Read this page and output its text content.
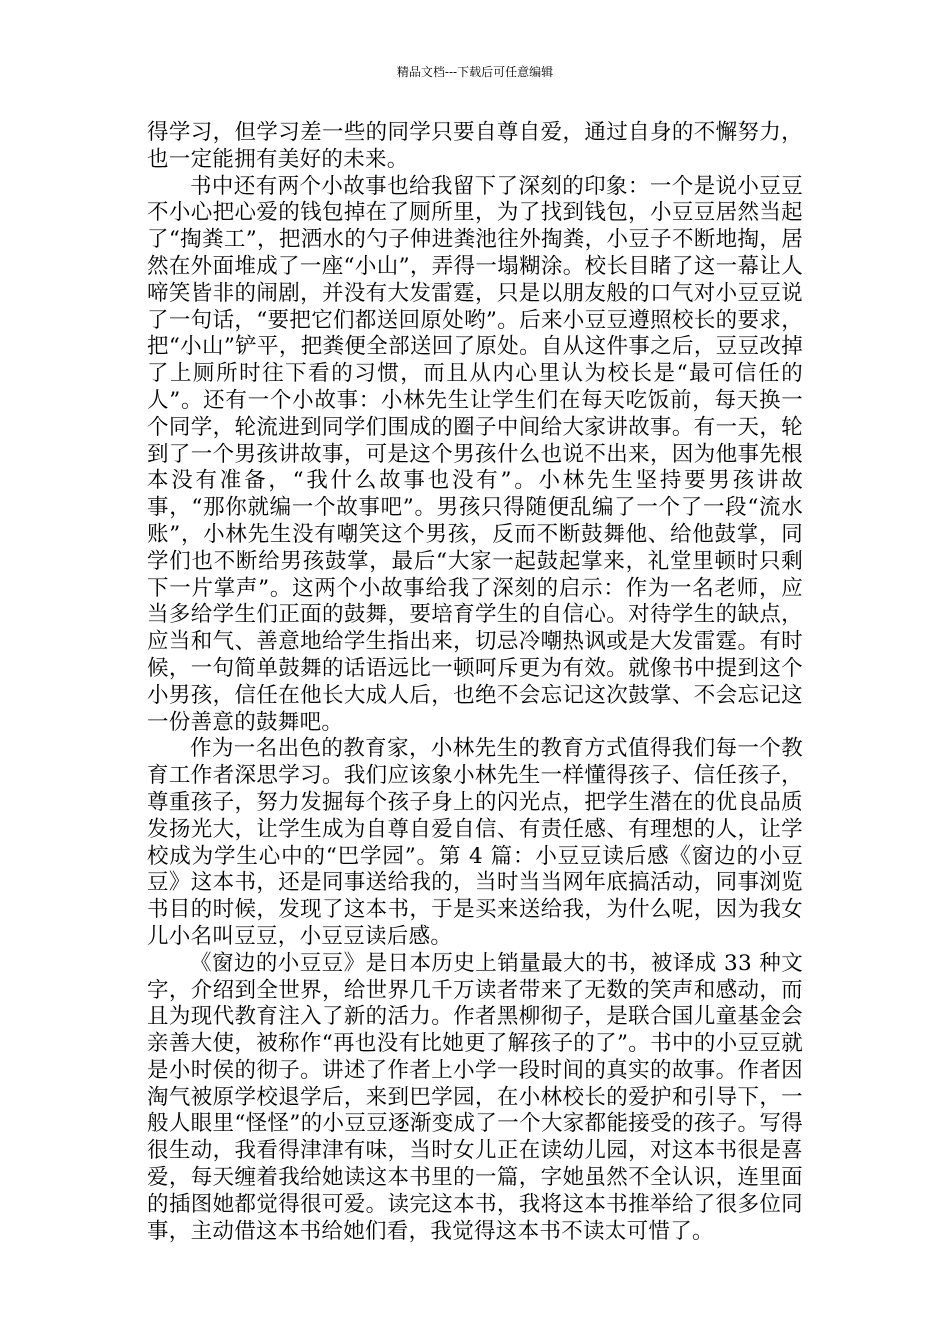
精品文档---下载后可任意编辑

得学习，但学习差一些的同学只要自尊自爱，通过自身的不懈努力，也一定能拥有美好的未来。

书中还有两个小故事也给我留下了深刻的印象：一个是说小豆豆不小心把心爱的钱包掉在了厕所里，为了找到钱包，小豆豆居然当起了“掏粪工”，把洒水的勺子伸进粪池往外掏粪，小豆子不断地掏，居然在外面堆成了一座“小山”，弄得一塌糊涂。校长目睹了这一幕让人啼笑皆非的闹剧，并没有大发雷霆，只是以朋友般的口气对小豆豆说了一句话，“要把它们都送回原处哟”。后来小豆豆遵照校长的要求，把“小山”铲平，把粪便全部送回了原处。自从这件事之后，豆豆改掉了上厕所时往下看的习惯，而且从内心里认为校长是“最可信任的人”。还有一个小故事：小林先生让学生们在每天吃饭前，每天换一个同学，轮流进到同学们围成的圈子中间给大家讲故事。有一天，轮到了一个男孩讲故事，可是这个男孩什么也说不出来，因为他事先根本没有准备，“我什么故事也没有”。小林先生坚持要男孩讲故事，“那你就编一个故事吧”。男孩只得随便乱编了一个了一段“流水账”，小林先生没有嘲笑这个男孩，反而不断鼓舞他、给他鼓掌，同学们也不断给男孩鼓掌，最后“大家一起鼓起掌来，礼堂里顿时只剩下一片掌声”。这两个小故事给我了深刻的启示：作为一名老师，应当多给学生们正面的鼓舞，要培育学生的自信心。对待学生的缺点，应当和气、善意地给学生指出来，切忌冷嘲热讽或是大发雷霆。有时候，一句简单鼓舞的话语远比一顿呵斥更为有效。就像书中提到这个小男孩，信任在他长大成人后，也绝不会忘记这次鼓掌、不会忘记这一份善意的鼓舞吧。

作为一名出色的教育家，小林先生的教育方式值得我们每一个教育工作者深思学习。我们应该象小林先生一样懂得孩子、信任孩子，尊重孩子，努力发掘每个孩子身上的闪光点，把学生潜在的优良品质发扬光大，让学生成为自尊自爱自信、有责任感、有理想的人，让学校成为学生心中的“巴学园”。第 4 篇：小豆豆读后感《窗边的小豆豆》这本书，还是同事送给我的，当时当当网年底搞活动，同事浏览书目的时候，发现了这本书，于是买来送给我，为什么呢，因为我女儿小名叫豆豆，小豆豆读后感。

《窗边的小豆豆》是日本历史上销量最大的书，被译成 33 种文字，介绍到全世界，给世界几千万读者带来了无数的笑声和感动，而且为现代教育注入了新的活力。作者黑柳彻子，是联合国儿童基金会亲善大使，被称作“再也没有比她更了解孩子的了”。书中的小豆豆就是小时侯的彻子。讲述了作者上小学一段时间的真实的故事。作者因淘气被原学校退学后，来到巴学园，在小林校长的爱护和引导下，一般人眼里“怪怪”的小豆豆逐渐变成了一个大家都能接受的孩子。写得很生动，我看得津津有味，当时女儿正在读幼儿园，对这本书很是喜爱，每天缠着我给她读这本书里的一篇，字她虽然不全认识，连里面的插图她都觉得很可爱。读完这本书，我将这本书推举给了很多位同事，主动借这本书给她们看，我觉得这本书不读太可惜了。
